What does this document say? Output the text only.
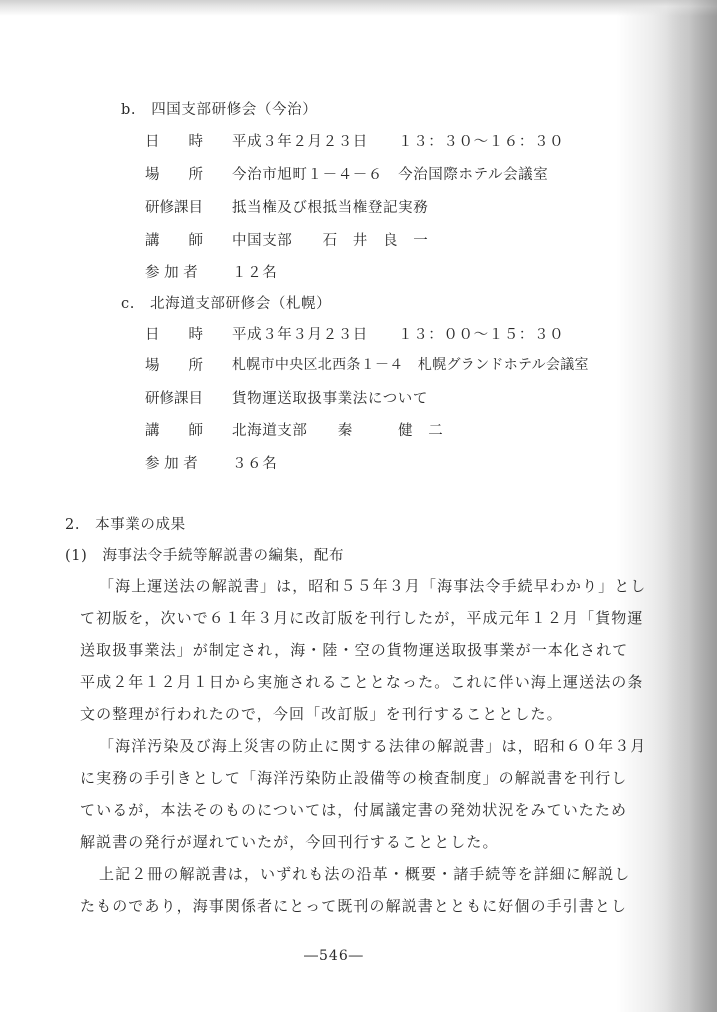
b.　四国支部研修会（今治）
日　　時 平成３年２月２３日　　１３：３０～１６：３０
場　　所 今治市旭町１－４－６　今治国際ホテル会議室
研修課目 抵当権及び根抵当権登記実務
講　　師 中国支部　　石　井　良　一
参 加 者 １２名
c.　北海道支部研修会（札幌）
日　　時 平成３年３月２３日　　１３：００～１５：３０
場　　所 札幌市中央区北西条１－４　札幌グランドホテル会議室
研修課目 貨物運送取扱事業法について
講　　師 北海道支部　　秦　　　健　二
参 加 者 ３６名
2.　本事業の成果
(1)　海事法令手続等解説書の編集，配布
「海上運送法の解説書」は，昭和５５年３月「海事法令手続早わかり」とし
て初版を，次いで６１年３月に改訂版を刊行したが，平成元年１２月「貨物運
送取扱事業法」が制定され，海・陸・空の貨物運送取扱事業が一本化されて
平成２年１２月１日から実施されることとなった。これに伴い海上運送法の条
文の整理が行われたので，今回「改訂版」を刊行することとした。
「海洋汚染及び海上災害の防止に関する法律の解説書」は，昭和６０年３月
に実務の手引きとして「海洋汚染防止設備等の検査制度」の解説書を刊行し
ているが，本法そのものについては，付属議定書の発効状況をみていたため
解説書の発行が遅れていたが，今回刊行することとした。
上記２冊の解説書は，いずれも法の沿革・概要・諸手続等を詳細に解説し
たものであり，海事関係者にとって既刊の解説書とともに好個の手引書とし
―546―
